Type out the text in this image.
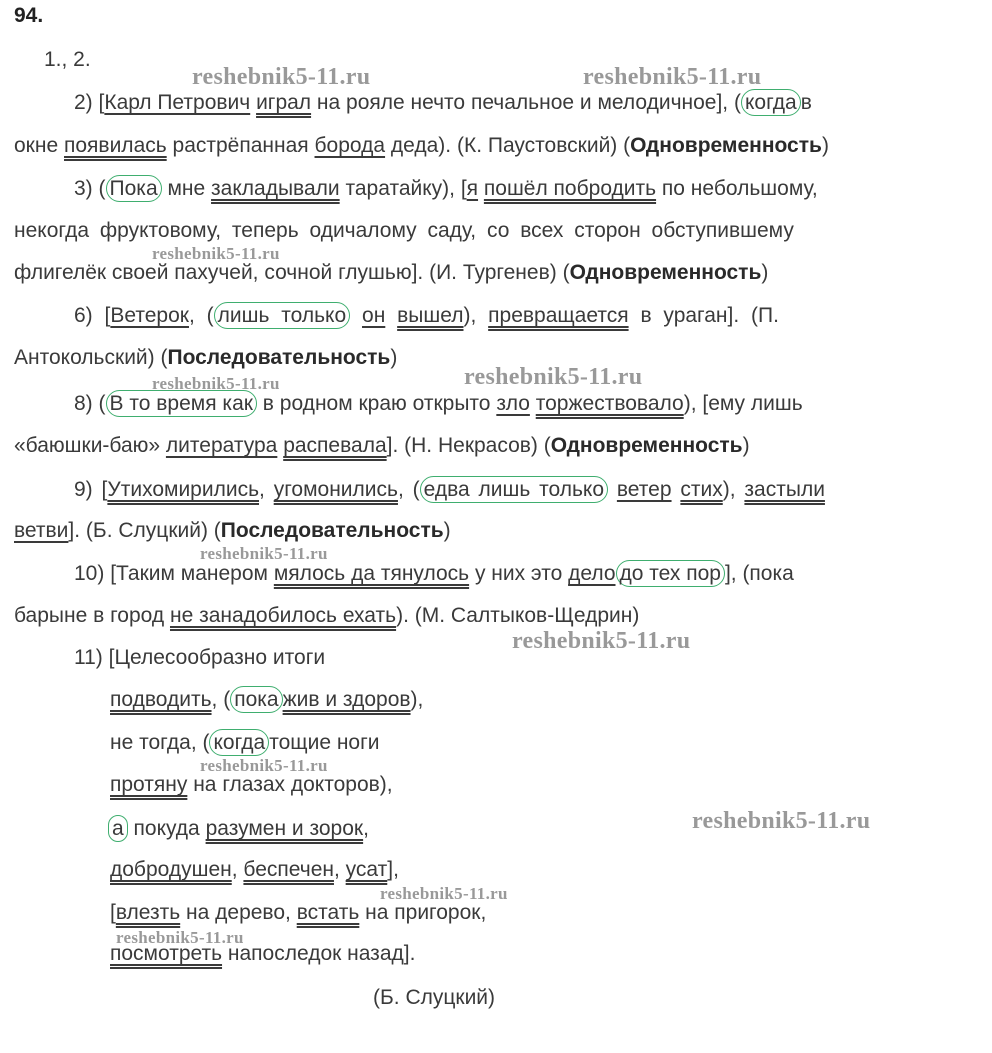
reshebnik5-11.ru	reshebnik5-11.ru
reshebnik5-11.ru
reshebnik5-11.ru	reshebnik5-11.ru
reshebnik5-11.ru
reshebnik5-11.ru
reshebnik5-11.ru
reshebnik5-11.ru
reshebnik5-11.ru
reshebnik5-11.ru
94.
1., 2.
2) [Карл Петрович играл на рояле нечто печальное и мелодичное], ( когда в
окне появилась растрёпанная борода деда). (К. Паустовский) (Одновременность)
3) ( Пока мне закладывали таратайку), [я пошёл побродить по небольшому,
некогда фруктовому, теперь одичалому саду, со всех сторон обступившему
флигелёк своей пахучей, сочной глушью]. (И. Тургенев) (Одновременность)
6) [Ветерок, ( лишь только он вышел), превращается в ураган]. (П.
Антокольский) (Последовательность)
8) ( В то время как в родном краю открыто зло торжествовало), [ему лишь
«баюшки-баю» литература распевала]. (Н. Некрасов) (Одновременность)
9) [Утихомирились, угомонились, ( едва лишь только ветер стих), застыли
ветви]. (Б. Слуцкий) (Последовательность)
10) [Таким манером мялось да тянулось у них это дело до тех пор ], (пока
барыне в город не занадобилось ехать). (М. Салтыков-Щедрин)
11) [Целесообразно итоги
подводить, ( пока жив и здоров),
не тогда, ( когда тощие ноги
протяну на глазах докторов),
а покуда разумен и зорок,
добродушен, беспечен, усат],
[влезть на дерево, встать на пригорок,
посмотреть напоследок назад].
(Б. Слуцкий)
